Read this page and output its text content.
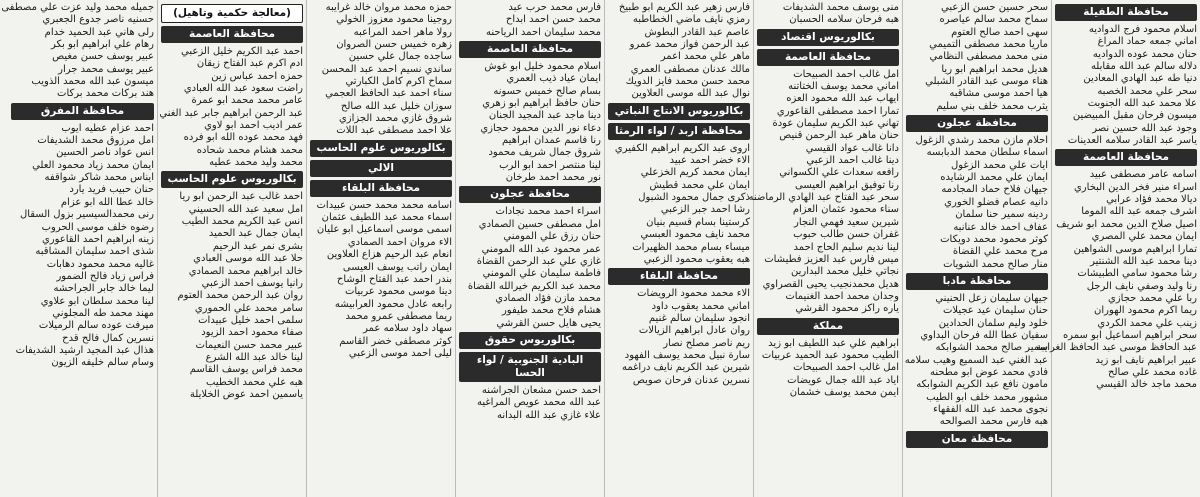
محافظة الطفيلة
اسلام محمود فرج الدواديه
اماني جمعه حماد المراغ
حنان محمد عوده الدواديه
دلاله سالم عبد الله مقابله
دنيا طه عبد الهادي المعادين
سحر علي محمد الخصبه
علا محمد عبد الله الجنوبت
ميسون فرحان مقبل المبيضين
وجود عبد الله حسين نصر
ياسر عبد القادر سلامه العدينات
محافظة العاصمة
اسامه عامر مصطفى عبيد
اسراء منير فخر الدين البخاري
ديالا محمد فؤاد عرابي
اشرف جمعه عبد الله الموما
اصيل صلاح الدين محمد ابو شريف
ايمان محمد علي المصري
تمارا ابراهيم موسى الشواهين
دينا محمد عبد الله الشنتير
رشا محمود سامي الطبيشات
رنا وليد وصفي نايف الرجل
ربا علي محمد حجازي
ريما اكرم محمود الهوران
زينب علي محمد الكردي
سحر ابراهيم اسماعيل ابو سمره
عبد الحافظ موسى عبد الحافظ الغرايبة
عبير ابراهيم نايف ابو زيد
غاده محمد علي صالح
محمد ماجد خالد القيسي
سحر حسين حسن الزعبي
سماح محمد سالم عياصره
سهى احمد صالح العتوم
ماريا محمد مصطفى التميمي
منى محمد مصطفى النظامي
هديل محمد ابراهيم ابو ريا
هناء موسى عبد القادر الشبلي
هيا احمد موسى مشاقبه
يثرب محمد خلف بني سليم
محافظة عجلون
احلام مازن محمد رشدي الزغول
اسماء سلطان محمد الدبابسه
ايات علي محمد الزغول
ايمان علي محمد الرشايده
جيهان فلاح حماد المجادمه
دانيه عصام فضلو الخوري
ردينه سمير حنا سلمان
عفاف احمد خالد عنانبه
كوثر محمود محمد دويكات
مرح محمد علي القضاة
منار صالح محمد الشويات
محافظة مادبا
جيهان سليمان زعل الحنيني
حنان سليمان عيد عجيلات
خلود وليم سلمان الحدادين
سفيان عطا الله فرحان البداوي
سمير صالح محمد الشوابكه
عبد الغني عبد السميع وهيب سلامه
فادي محمد عوض ابو مطحنه
مامون نافع عبد الكريم الشوابكه
مشهور محمد خلف ابو الطيب
نجوى محمد عبد الله الفقهاء
هبه فارس محمد الصوالحه
محافظة معان
منى يوسف محمد الشديفات
هبه فرحان سلامه الحسبان
بكالوريوس اقتصاد
محافظة العاصمة
امل غالب احمد الصبيحات
اماني محمد يوسف الختاتنه
ايهاب عبد الله محمود العزه
تمارا احمد مصطفى القاعوري
تهاني عبد الكريم سليمان عودة
حنان ماهر عبد الرحمن قنيص
دانا غالب عواد القيسي
دينا غالب احمد الزعبي
رافعه سعدات علي الكسواني
رنا توفيق ابراهيم العيسى
سحر عبد الفتاح عبد الهادي الرماضنه
سناء محمود عثمان العزام
شيرين سعيد فهمي النجار
غفران حسن طالب حبوب
لينا نديم سليم الحاج احمد
ميس فارس عبد العزيز فطيشات
نجاتي خليل محمد البدارين
هديل محمدنجيب يحيى القصراوي
وجدان محمد احمد الغنيمات
ياره راكز محمود القرشي
مملكة
ابراهيم علي عبد اللطيف ابو زيد
الطيب محمود عبد الحميد عربيات
امل غالب احمد الصبيحات
اياد عبد الله جمال عويضات
ايمن محمد يوسف خشمان
فارس زهير عبد الكريم ابو طبيخ
رمزي نايف ماضي الخطاطبه
عاصم عبد القادر البطوش
عبد الرحمن فواز محمد عمرو
ماهر علي محمد اعمر
مالك عدنان مصطفى العمري
محمد حسن محمد فايز الدويك
نوال عبد الله موسى العلاوين
بكالوريوس الانتاج النباتي
محافظة اربد / لواء الرمثا
اروى عبد الكريم ابراهيم الكفيري
الاء خضر احمد عبيد
ايمان محمد كريم الخزعلي
ايمان علي محمد قطيش
ذكرى جمال محمود الشبول
رشا احمد جبر الزعبي
كرستينا بسام قسيم بنيان
محمد نايف محمود العبسي
ميساء بسام محمد الظهيرات
هبه يعقوب محمود الزعبي
محافظة البلقاء
الاء محمد محمود الرويضات
اماني محمد يعقوب داود
انجود سليمان سالم غنيم
روان عادل ابراهيم الزيالات
ريم ناصر مصلح نصار
سارة نبيل محمد يوسف الفهود
شيرين عبد الكريم نايف دراغمه
نسرين عدنان فرحان صويص
فارس محمد حرب عبد
محمد حسن احمد ابداح
محمد سليمان احمد الرياحنه
محافظة العاصمة
اسلام محمود خليل ابو غوش
ايمان عياد ذيب العمري
بسام صالح خميس حسونه
حنان حافظ ابراهيم ابو زهري
دينا ماجد عبد المجيد الجنان
دعاء نور الدين محمود حجازي
رنا فاسم عمدان ابراهيم
شروق جمال شريف محمود
لينا منتصر احمد ابو الرب
نور محمد احمد طرخان
محافظة عجلون
اسراء احمد محمد نجادات
امل مصطفى حسين الصمادي
حنان رزق علي المومني
عمر محمود عبد الله المومني
غازي علي عبد الرحمن القضاة
فاطمة سليمان علي المومني
محمد عبد الكريم خيرالله القضاة
محمد مازن فؤاد الصمادي
هشام فلاح محمد طيفور
يحيى هايل حسن القرشي
بكالوريوس حقوق
البادية الجنوبية / لواء الحسا
احمد حسن مشعان الجراشنه
عبد الله محمد عويص المراغيه
علاء غازي عبد الله البدانه
حمزه محمد مروان خالد غرايبه
روجينا محمود معزوز الخولي
رولا ماهر احمد المراعبه
زهره خميس حسن الصروان
ساجده جمال علي حسين
ساندي نسيم احمد عبد المحسن
سماح اكرم كامل الكبارتي
سناء احمد عبد الحافظ العجمي
سوزان خليل عبد الله صالح
شروق غازي محمد الجزازي
علا احمد مصطفى عبد اللات
بكالوريوس علوم الحاسب
الالي
محافظة البلقاء
اسامه محمد محمد حسن عبيدات
اسماء محمد عبد اللطيف عثمان
اسمى موسى اسماعيل ابو عليان
الاء مروان احمد الصمادي
انعام عبد الرحيم هزاع العلاوين
ايمان راتب يوسف العيسى
بندر احمد عبد الفتاح الوشاح
دينا موسى محمود عربيات
رابعه عادل محمود العرابيشه
ريما مصطفى عمرو محمد
سهاد داود سلامه عمر
كوثر مصطفى خضر القاسم
ليلى احمد موسى الزعبي
(معالجة حكمية وتاهيل)
محافظة العاصمة
احمد عبد الكريم خليل الزعبي
ادم اكرم عبد الفتاح زيقان
حمزه احمد عباس زين
راضت سعود عبد الله العبادي
عامر محمد محمد ابو عمرة
عبد الرحمن ابراهيم جابر عبد الغني
عمر اديب احمد ابو لاوي
فهد محمد عوده الله ابو فرده
محمد هشام محمد شحاده
محمد وليد محمد عطيه
بكالوريوس علوم الحاسب
احمد غالب عبد الرحمن ابو ريا
امل سعيد عبد الله الحسيني
انس عبد الكريم محمد الطيب
ايمان جمال عبد الحميد
بشرى نمر عبد الرحيم
حلا عبد الله موسى العبادي
خالد ابراهيم محمد الصمادي
رانيا يوسف احمد الزعبي
روان عبد الرحمن محمد العتوم
سامر محمد علي الحموري
سلمى احمد خليل عبيدات
صفاء محمود احمد الزيود
عبير محمد حسن النعيمات
لينا خالد عبد الله الشرع
محمد فراس يوسف القاسم
هبه علي محمد الخطيب
ياسمين احمد عوض الخلايلة
جميله محمد وليد عزت علي مصطفى
حسنيه ناصر جدوع الجعبري
رلى هاني عبد الحميد خدام
رهام علي ابراهيم ابو بكر
عبير يوسف حسن مغيص
عبير يوسف محمد جرار
ميسون عبد الله محمد الذويب
هند بركات محمد بركات
محافظة المفرق
احمد عزام عطيه ايوب
امل مرزوق محمد الشديفات
انس عواد ناصر الحسين
ايمان محمد زياد محمود العلي
ايناس محمد شاكر شواقفه
حنان حبيب فريد يارد
خالد عطا الله ابو عزام
رنى محمدالسيسير بزول السقال
رضوه خلف موسى الحروب
زينه ابراهيم احمد القاعوري
شذى احمد سليمان المشاقبه
غاليه محمد محمود دهابات
فراس زياد فالح الضمور
ليما خالد جابر الجراحشه
لينا محمد سلطان ابو علاوي
مهند محمد طه المجلوني
ميرفت عوده سالم الرميلات
نسرين كمال فالح قدح
هذال عبد المجيد ارشيد الشديفات
وسام سالم خليفه الزيون
